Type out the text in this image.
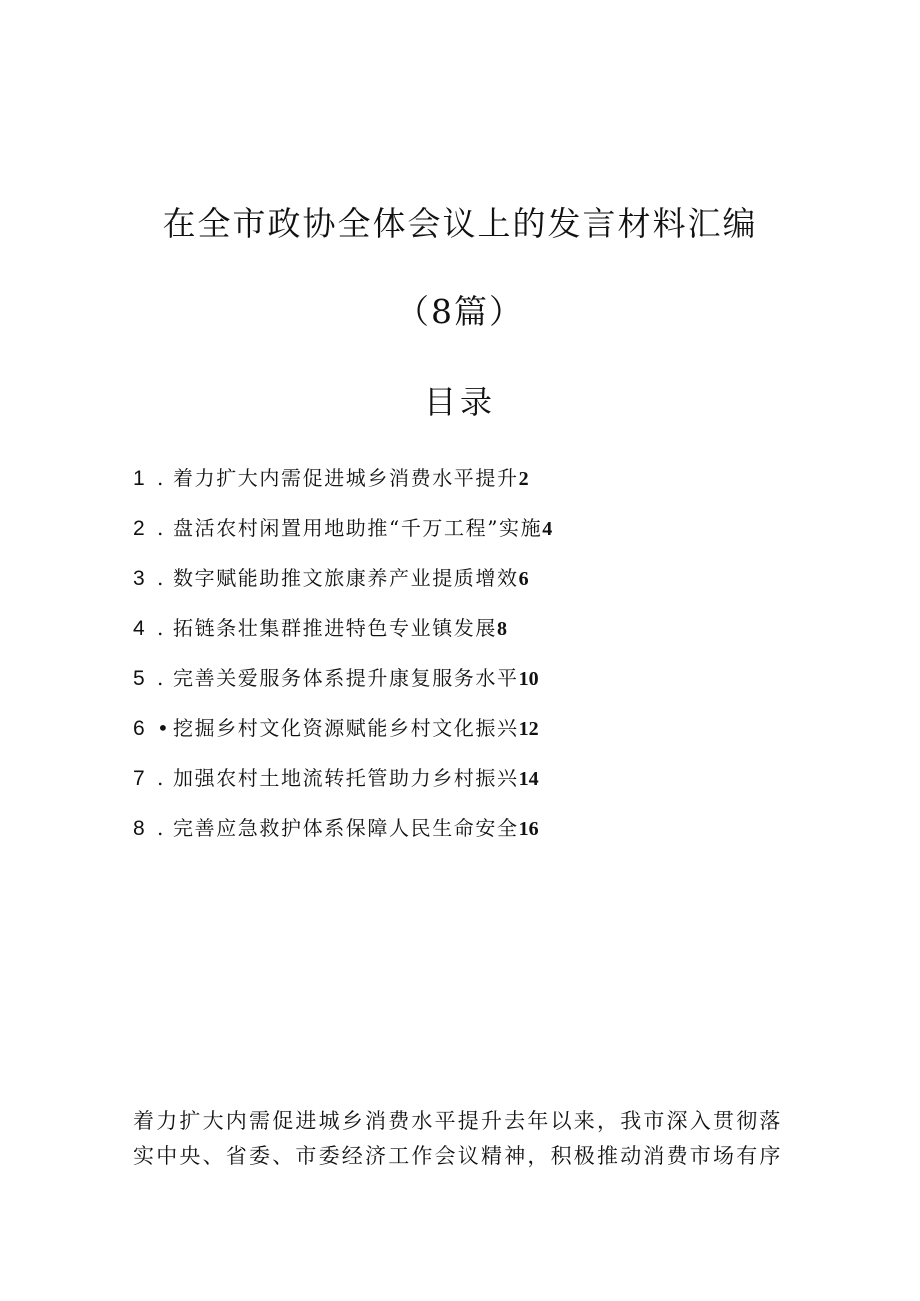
在全市政协全体会议上的发言材料汇编
（8篇）
目录
1 . 着力扩大内需促进城乡消费水平提升 2
2 . 盘活农村闲置用地助推“千万工程”实施 4
3 . 数字赋能助推文旅康养产业提质增效 6
4 . 拓链条壮集群推进特色专业镇发展 8
5 . 完善关爱服务体系提升康复服务水平 10
6 • 挖掘乡村文化资源赋能乡村文化振兴 12
7 . 加强农村土地流转托管助力乡村振兴 14
8 . 完善应急救护体系保障人民生命安全 16

着力扩大内需促进城乡消费水平提升去年以来，我市深入贯彻落
实中央、省委、市委经济工作会议精神，积极推动消费市场有序
